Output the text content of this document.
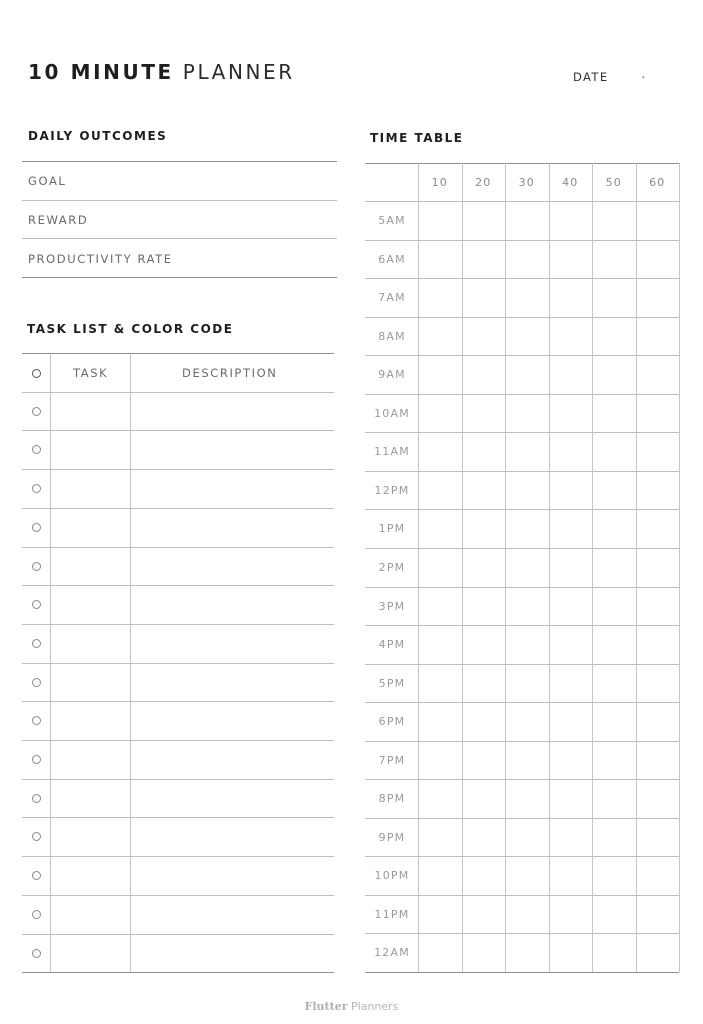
10 MINUTE PLANNER	DATE .
DAILY OUTCOMES
GOAL
REWARD
PRODUCTIVITY RATE
TASK LIST & COLOR CODE
TASK	DESCRIPTION
TIME TABLE
10	20	30	40	50	60
5AM
6AM
7AM
8AM
9AM
10AM
11AM
12PM
1PM
2PM
3PM
4PM
5PM
6PM
7PM
8PM
9PM
10PM
11PM
12AM
Flutter Planners
